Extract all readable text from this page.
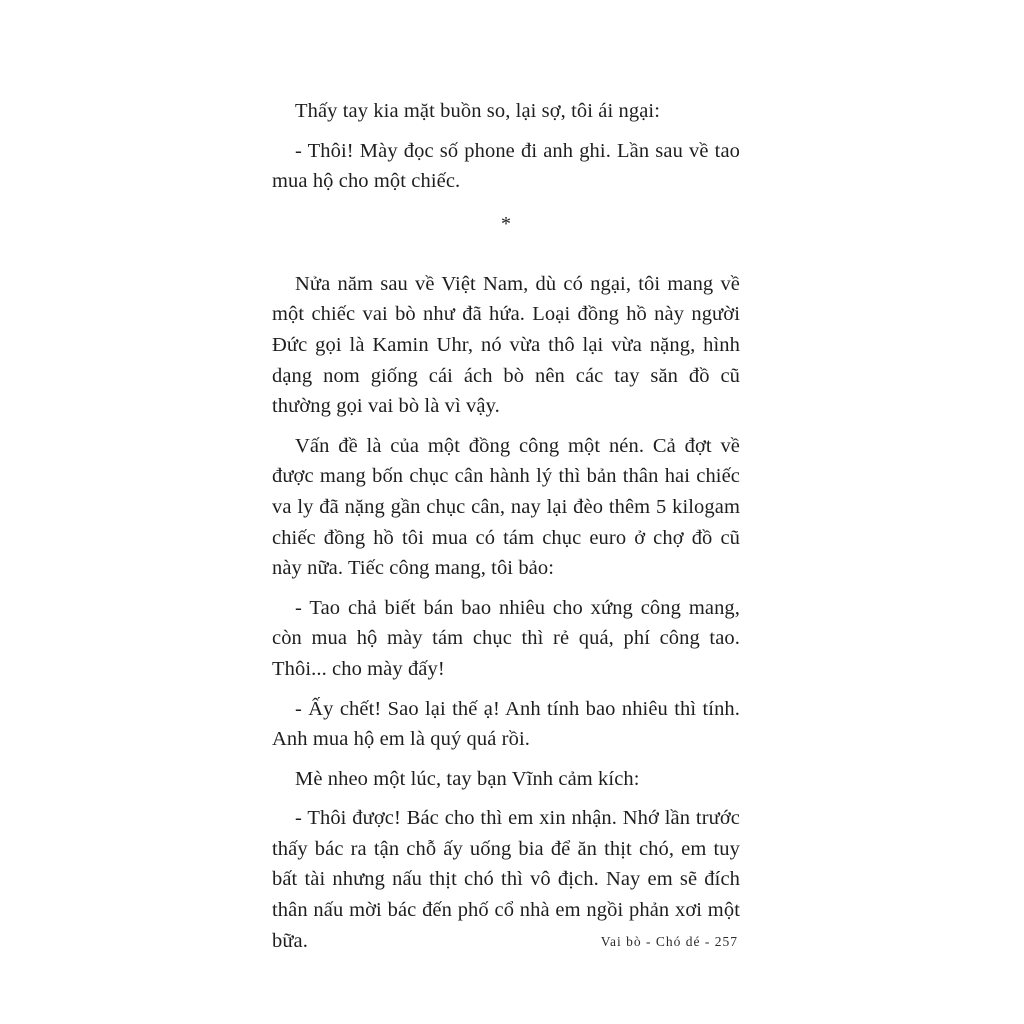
Thấy tay kia mặt buồn so, lại sợ, tôi ái ngại:

- Thôi! Mày đọc số phone đi anh ghi. Lần sau về tao mua hộ cho một chiếc.

*

Nửa năm sau về Việt Nam, dù có ngại, tôi mang về một chiếc vai bò như đã hứa. Loại đồng hồ này người Đức gọi là Kamin Uhr, nó vừa thô lại vừa nặng, hình dạng nom giống cái ách bò nên các tay săn đồ cũ thường gọi vai bò là vì vậy.

Vấn đề là của một đồng công một nén. Cả đợt về được mang bốn chục cân hành lý thì bản thân hai chiếc va ly đã nặng gần chục cân, nay lại đèo thêm 5 kilogam chiếc đồng hồ tôi mua có tám chục euro ở chợ đồ cũ này nữa. Tiếc công mang, tôi bảo:

- Tao chả biết bán bao nhiêu cho xứng công mang, còn mua hộ mày tám chục thì rẻ quá, phí công tao. Thôi... cho mày đấy!

- Ấy chết! Sao lại thế ạ! Anh tính bao nhiêu thì tính. Anh mua hộ em là quý quá rồi.

Mè nheo một lúc, tay bạn Vĩnh cảm kích:

- Thôi được! Bác cho thì em xin nhận. Nhớ lần trước thấy bác ra tận chỗ ấy uống bia để ăn thịt chó, em tuy bất tài nhưng nấu thịt chó thì vô địch. Nay em sẽ đích thân nấu mời bác đến phố cổ nhà em ngồi phản xơi một bữa.	Vai bò - Chó dé - 257
